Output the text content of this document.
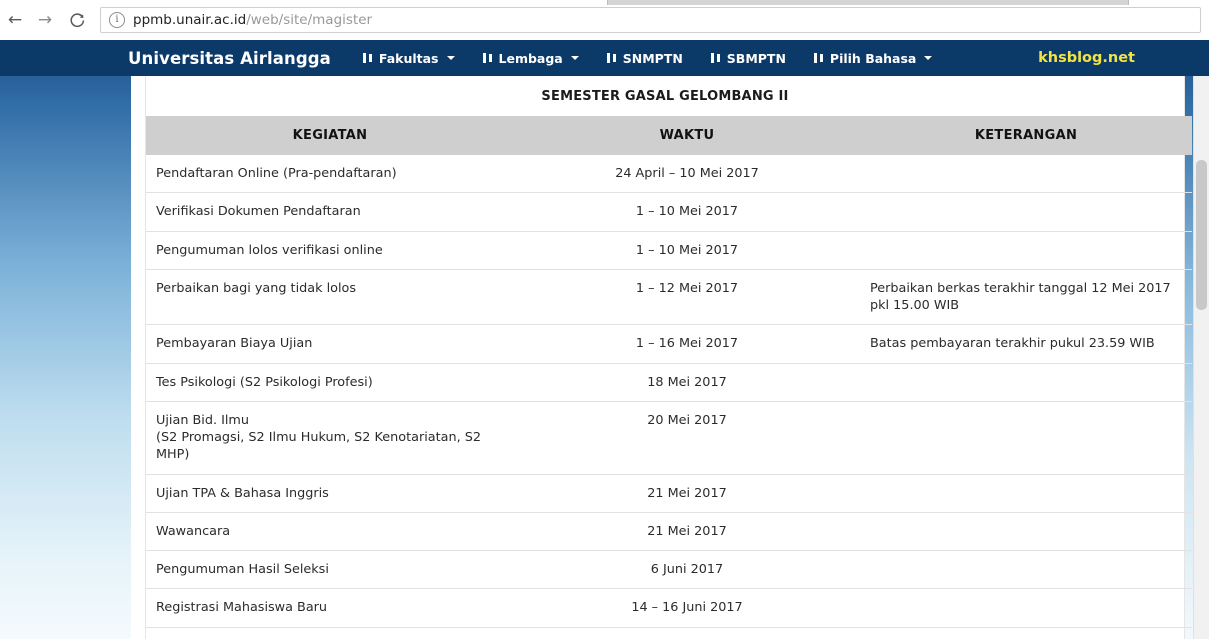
← →	i	ppmb.unair.ac.id/web/site/magister
Universitas Airlangga	Fakultas	Lembaga	SNMPTN	SBMPTN	Pilih Bahasa	khsblog.net
SEMESTER GASAL GELOMBANG II
KEGIATAN	WAKTU	KETERANGAN
Pendaftaran Online (Pra-pendaftaran)	24 April – 10 Mei 2017	
Verifikasi Dokumen Pendaftaran	1 – 10 Mei 2017	
Pengumuman lolos verifikasi online	1 – 10 Mei 2017	
Perbaikan bagi yang tidak lolos	1 – 12 Mei 2017	Perbaikan berkas terakhir tanggal 12 Mei 2017 pkl 15.00 WIB
Pembayaran Biaya Ujian	1 – 16 Mei 2017	Batas pembayaran terakhir pukul 23.59 WIB
Tes Psikologi (S2 Psikologi Profesi)	18 Mei 2017	

Ujian Bid. Ilmu
(S2 Promagsi, S2 Ilmu Hukum, S2 Kenotariatan, S2 MHP)	20 Mei 2017	
Ujian TPA & Bahasa Inggris	21 Mei 2017	
Wawancara	21 Mei 2017	
Pengumuman Hasil Seleksi	6 Juni 2017	
Registrasi Mahasiswa Baru	14 – 16 Juni 2017	
